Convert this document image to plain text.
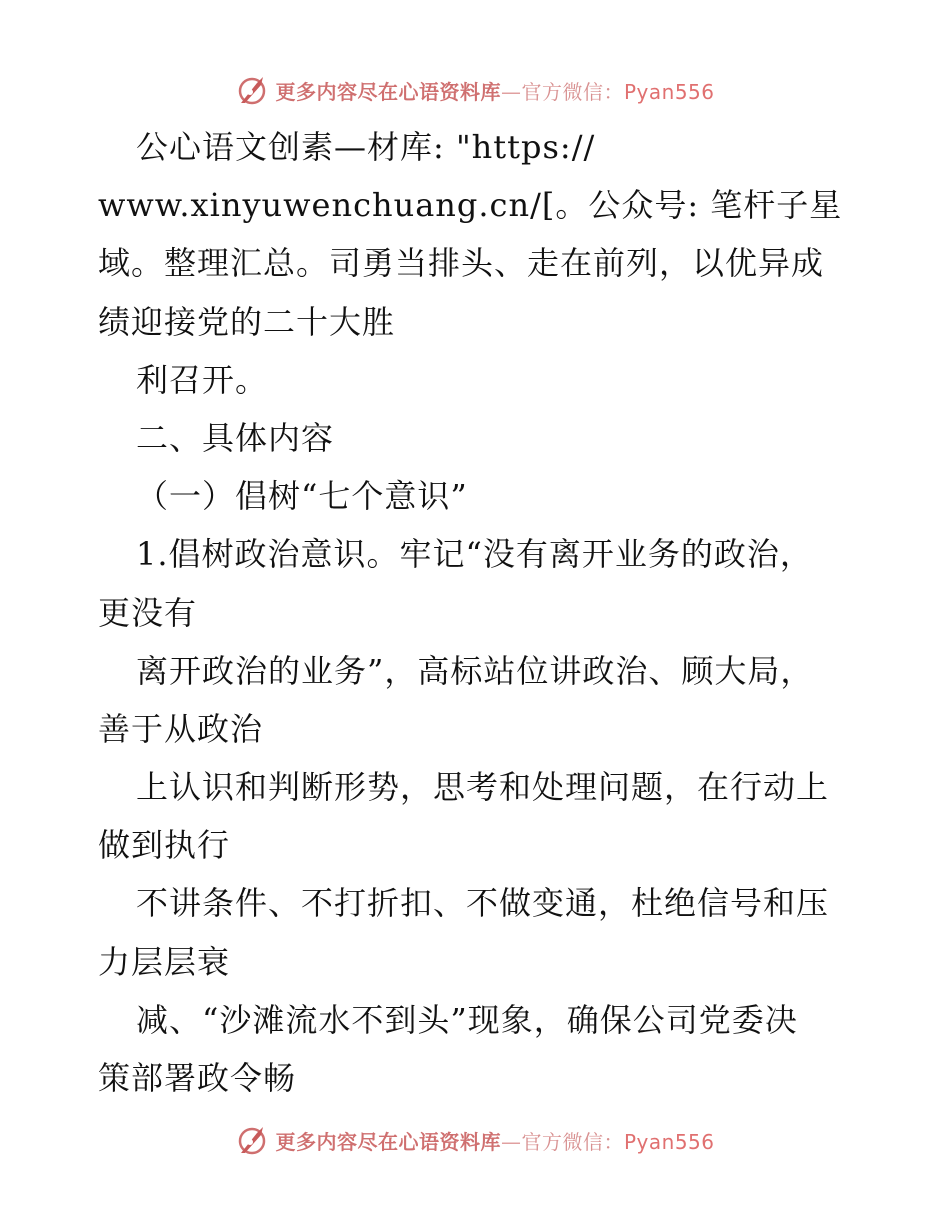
更多内容尽在心语资料库—官方微信：Pyan556
公心语文创素—材库: "https://
www.xinyuwenchuang.cn/[。公众号: 笔杆子星
域。整理汇总。司勇当排头、走在前列，以优异成
绩迎接党的二十大胜
利召开。
二、具体内容
（一）倡树“七个意识”
1.倡树政治意识。牢记“没有离开业务的政治，
更没有
离开政治的业务”，高标站位讲政治、顾大局，
善于从政治
上认识和判断形势，思考和处理问题，在行动上
做到执行
不讲条件、不打折扣、不做变通，杜绝信号和压
力层层衰
减、“沙滩流水不到头”现象，确保公司党委决
策部署政令畅
更多内容尽在心语资料库—官方微信：Pyan556
